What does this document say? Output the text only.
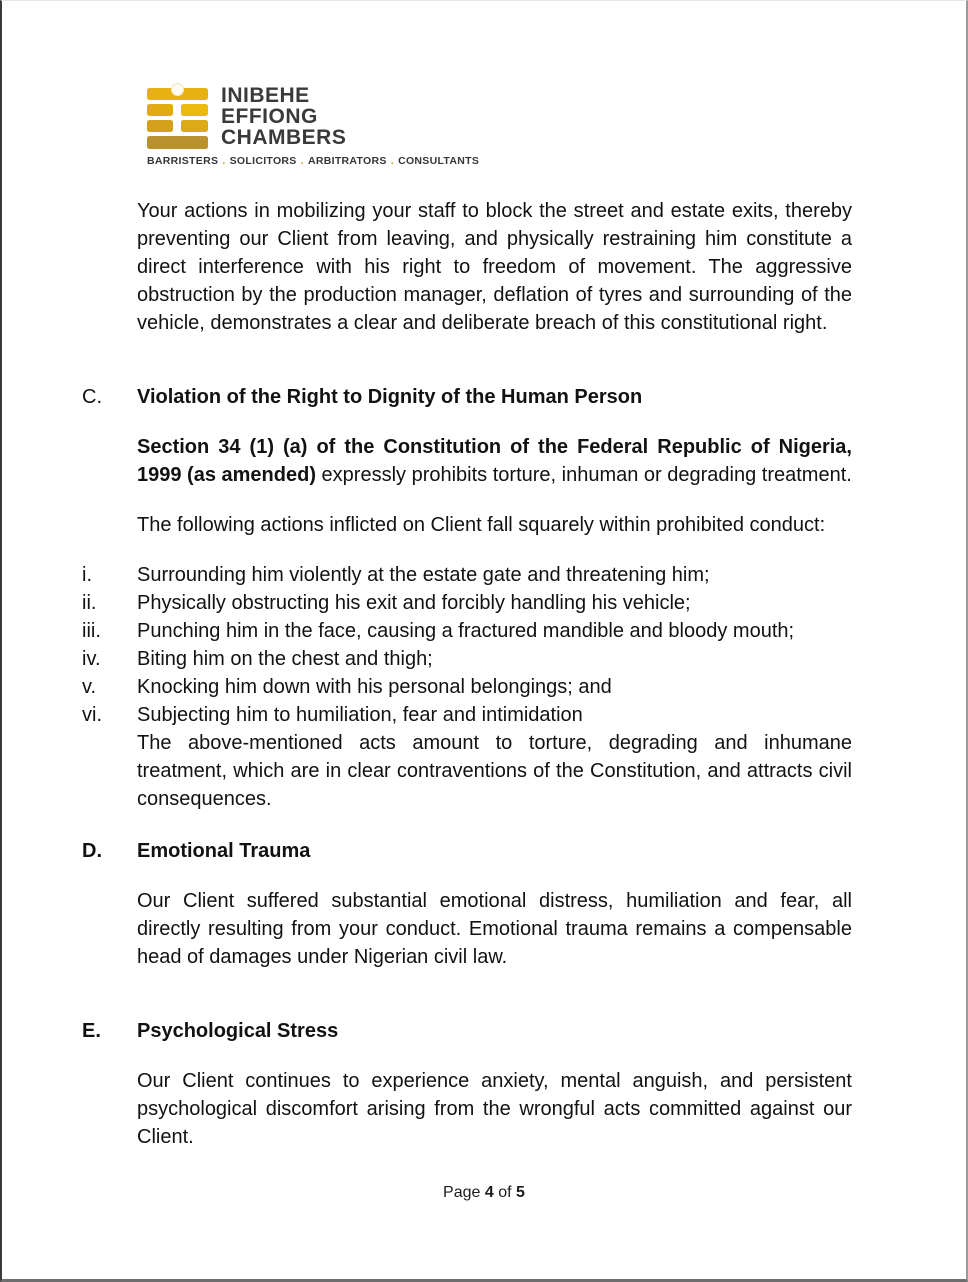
INIBEHE
EFFIONG
CHAMBERS
BARRISTERS . SOLICITORS . ARBITRATORS . CONSULTANTS

Your actions in mobilizing your staff to block the street and estate exits, thereby preventing our Client from leaving, and physically restraining him constitute a direct interference with his right to freedom of movement. The aggressive obstruction by the production manager, deflation of tyres and surrounding of the vehicle, demonstrates a clear and deliberate breach of this constitutional right.

C.	Violation of the Right to Dignity of the Human Person

Section 34 (1) (a) of the Constitution of the Federal Republic of Nigeria, 1999 (as amended) expressly prohibits torture, inhuman or degrading treatment.

The following actions inflicted on Client fall squarely within prohibited conduct:

i.	Surrounding him violently at the estate gate and threatening him;
ii.	Physically obstructing his exit and forcibly handling his vehicle;
iii.	Punching him in the face, causing a fractured mandible and bloody mouth;
iv.	Biting him on the chest and thigh;
v.	Knocking him down with his personal belongings; and
vi.	Subjecting him to humiliation, fear and intimidation
The above-mentioned acts amount to torture, degrading and inhumane treatment, which are in clear contraventions of the Constitution, and attracts civil consequences.
D.	Emotional Trauma

Our Client suffered substantial emotional distress, humiliation and fear, all directly resulting from your conduct. Emotional trauma remains a compensable head of damages under Nigerian civil law.

E.	Psychological Stress

Our Client continues to experience anxiety, mental anguish, and persistent psychological discomfort arising from the wrongful acts committed against our Client.

Page 4 of 5
